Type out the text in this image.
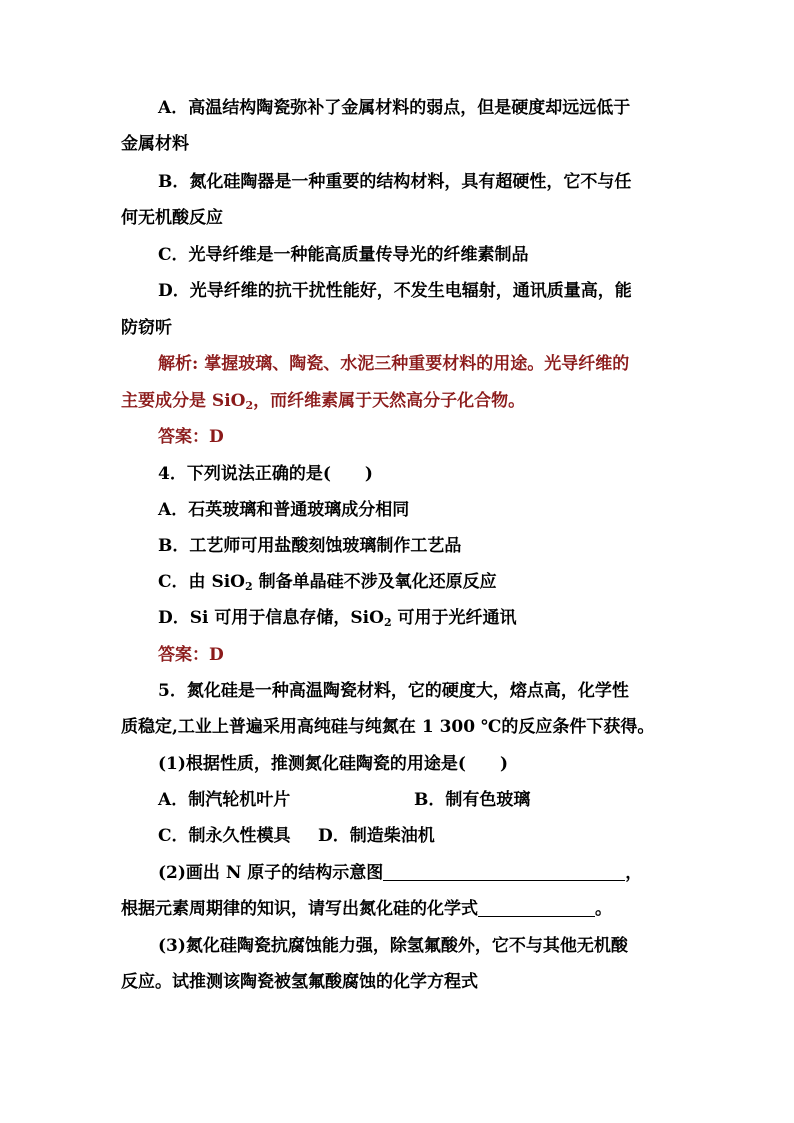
A．高温结构陶瓷弥补了金属材料的弱点，但是硬度却远远低于
金属材料
B．氮化硅陶器是一种重要的结构材料，具有超硬性，它不与任
何无机酸反应
C．光导纤维是一种能高质量传导光的纤维素制品
D．光导纤维的抗干扰性能好，不发生电辐射，通讯质量高，能
防窃听
解析: 掌握玻璃、陶瓷、水泥三种重要材料的用途。光导纤维的
主要成分是 SiO$_2$，而纤维素属于天然高分子化合物。
答案：D
4．下列说法正确的是(　　)
A．石英玻璃和普通玻璃成分相同
B．工艺师可用盐酸刻蚀玻璃制作工艺品
C．由 SiO$_2$ 制备单晶硅不涉及氧化还原反应
D．Si 可用于信息存储，SiO$_2$ 可用于光纤通讯
答案：D
5．氮化硅是一种高温陶瓷材料，它的硬度大，熔点高，化学性
质稳定,工业上普遍采用高纯硅与纯氮在 1 300 ℃的反应条件下获得。
(1)根据性质，推测氮化硅陶瓷的用途是(　　)
A．制汽轮机叶片	B．制有色玻璃
C．制永久性模具 D．制造柴油机
(2)画出 N 原子的结构示意图	，
根据元素周期律的知识，请写出氮化硅的化学式	。
(3)氮化硅陶瓷抗腐蚀能力强，除氢氟酸外，它不与其他无机酸
反应。试推测该陶瓷被氢氟酸腐蚀的化学方程式
